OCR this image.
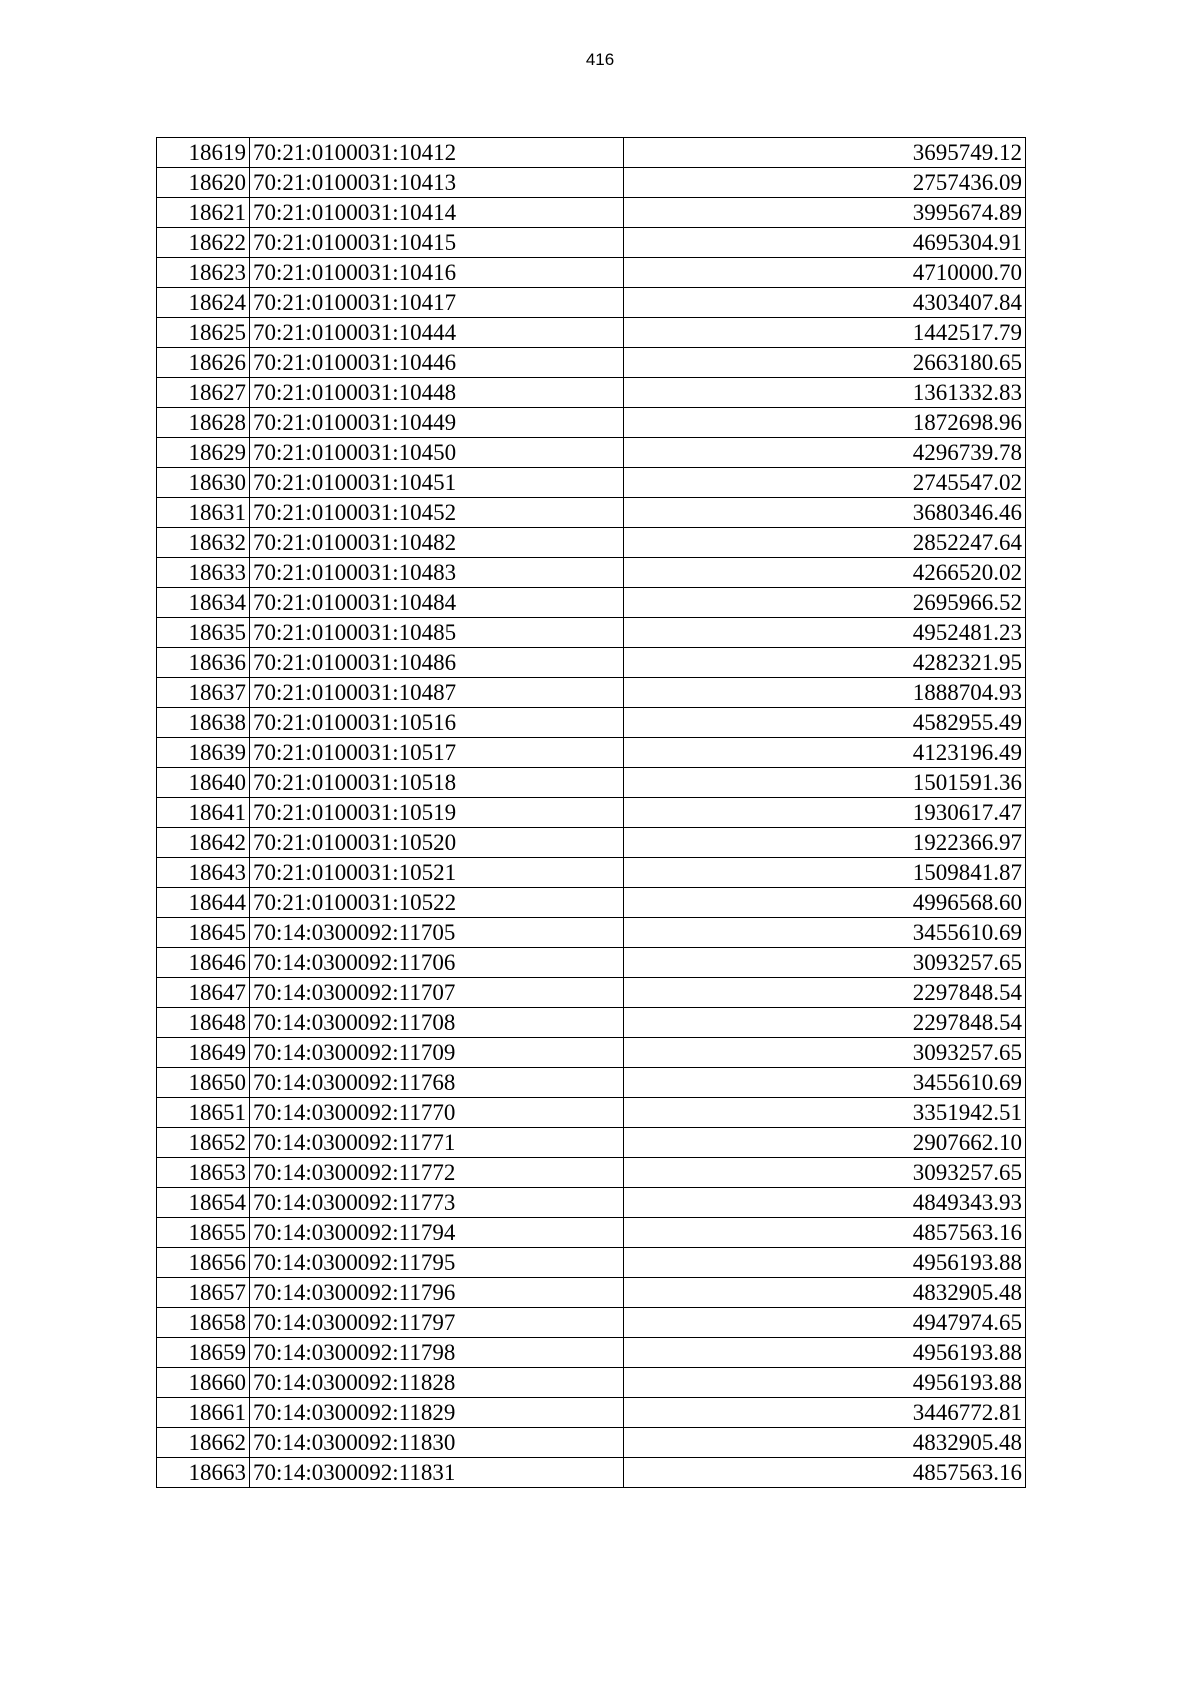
416
18619	70:21:0100031:10412	3695749.12
18620	70:21:0100031:10413	2757436.09
18621	70:21:0100031:10414	3995674.89
18622	70:21:0100031:10415	4695304.91
18623	70:21:0100031:10416	4710000.70
18624	70:21:0100031:10417	4303407.84
18625	70:21:0100031:10444	1442517.79
18626	70:21:0100031:10446	2663180.65
18627	70:21:0100031:10448	1361332.83
18628	70:21:0100031:10449	1872698.96
18629	70:21:0100031:10450	4296739.78
18630	70:21:0100031:10451	2745547.02
18631	70:21:0100031:10452	3680346.46
18632	70:21:0100031:10482	2852247.64
18633	70:21:0100031:10483	4266520.02
18634	70:21:0100031:10484	2695966.52
18635	70:21:0100031:10485	4952481.23
18636	70:21:0100031:10486	4282321.95
18637	70:21:0100031:10487	1888704.93
18638	70:21:0100031:10516	4582955.49
18639	70:21:0100031:10517	4123196.49
18640	70:21:0100031:10518	1501591.36
18641	70:21:0100031:10519	1930617.47
18642	70:21:0100031:10520	1922366.97
18643	70:21:0100031:10521	1509841.87
18644	70:21:0100031:10522	4996568.60
18645	70:14:0300092:11705	3455610.69
18646	70:14:0300092:11706	3093257.65
18647	70:14:0300092:11707	2297848.54
18648	70:14:0300092:11708	2297848.54
18649	70:14:0300092:11709	3093257.65
18650	70:14:0300092:11768	3455610.69
18651	70:14:0300092:11770	3351942.51
18652	70:14:0300092:11771	2907662.10
18653	70:14:0300092:11772	3093257.65
18654	70:14:0300092:11773	4849343.93
18655	70:14:0300092:11794	4857563.16
18656	70:14:0300092:11795	4956193.88
18657	70:14:0300092:11796	4832905.48
18658	70:14:0300092:11797	4947974.65
18659	70:14:0300092:11798	4956193.88
18660	70:14:0300092:11828	4956193.88
18661	70:14:0300092:11829	3446772.81
18662	70:14:0300092:11830	4832905.48
18663	70:14:0300092:11831	4857563.16
